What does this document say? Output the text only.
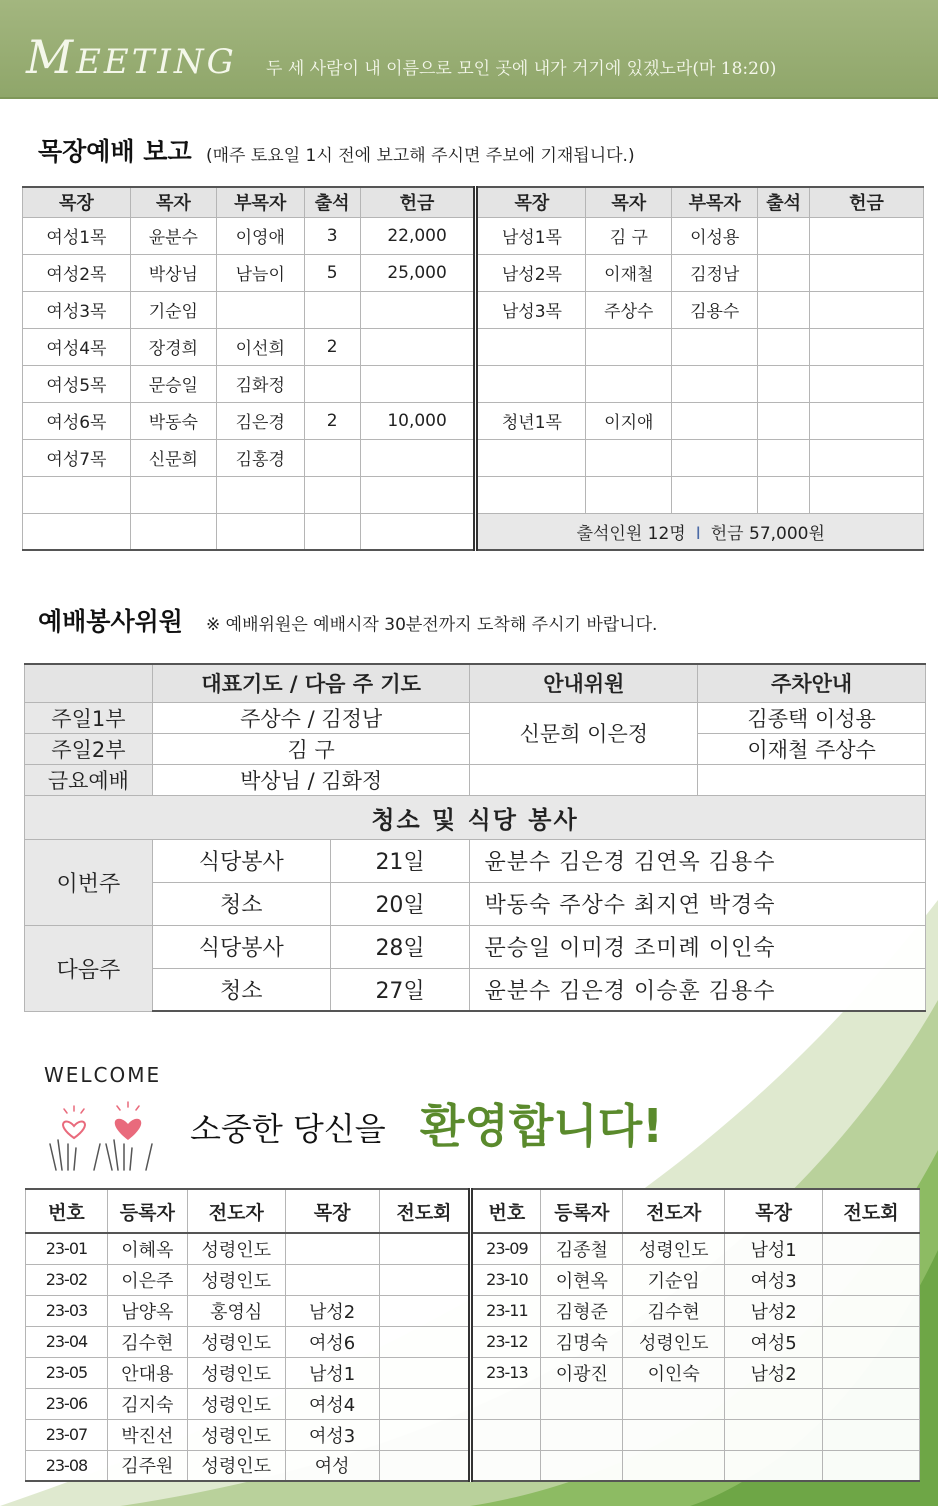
MEETING 두 세 사람이 내 이름으로 모인 곳에 내가 거기에 있겠노라(마 18:20)
목장예배 보고 (매주 토요일 1시 전에 보고해 주시면 주보에 기재됩니다.)
목장	목자	부목자	출석	헌금	목장	목자	부목자	출석	헌금
여성1목	윤분수	이영애	3	22,000	남성1목	김 구	이성용		
여성2목	박상님	남늠이	5	25,000	남성2목	이재철	김정남		
여성3목	기순임				남성3목	주상수	김용수		
여성4목	장경희	이선희	2						
여성5목	문승일	김화정							
여성6목	박동숙	김은경	2	10,000	청년1목	이지애			
여성7목	신문희	김홍경							

					출석인원 12명 I 헌금 57,000원				
예배봉사위원 ※ 예배위원은 예배시작 30분전까지 도착해 주시기 바랍니다.
	대표기도 / 다음 주 기도		안내위원	주차안내
주일1부	주상수 / 김정남		신문희 이은정	김종택 이성용
주일2부	김 구			이재철 주상수
금요예배	박상님 / 김화정			
청소 및 식당 봉사				
이번주	식당봉사	21일	윤분수 김은경 김연옥 김용수	
	청소	20일	박동숙 주상수 최지연 박경숙	
다음주	식당봉사	28일	문승일 이미경 조미례 이인숙	
	청소	27일	윤분수 김은경 이승훈 김용수	
WELCOME
소중한 당신을 환영합니다!
번호	등록자	전도자	목장	전도회	번호	등록자	전도자	목장	전도회
23-01	이혜옥	성령인도			23-09	김종철	성령인도	남성1	
23-02	이은주	성령인도			23-10	이현옥	기순임	여성3	
23-03	남양옥	홍영심	남성2		23-11	김형준	김수현	남성2	
23-04	김수현	성령인도	여성6		23-12	김명숙	성령인도	여성5	
23-05	안대용	성령인도	남성1		23-13	이광진	이인숙	남성2	
23-06	김지숙	성령인도	여성4						
23-07	박진선	성령인도	여성3						
23-08	김주원	성령인도	여성						
